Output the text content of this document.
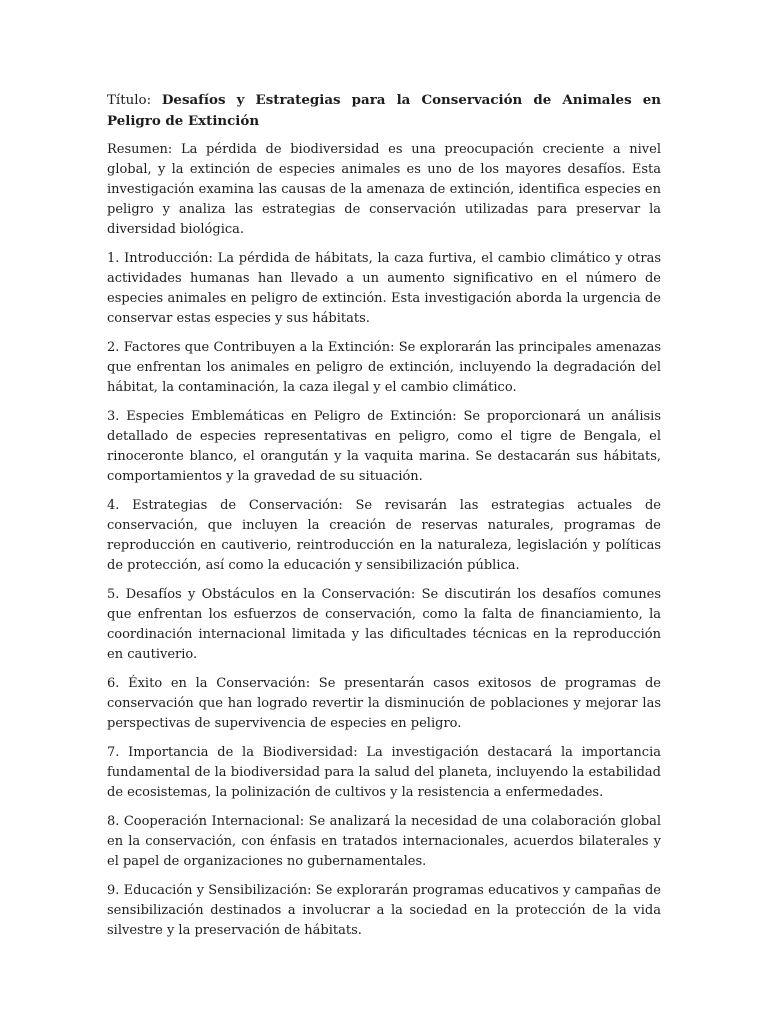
Título: Desafíos y Estrategias para la Conservación de Animales en Peligro de Extinción

Resumen: La pérdida de biodiversidad es una preocupación creciente a nivel global, y la extinción de especies animales es uno de los mayores desafíos. Esta investigación examina las causas de la amenaza de extinción, identifica especies en peligro y analiza las estrategias de conservación utilizadas para preservar la diversidad biológica.

1. Introducción: La pérdida de hábitats, la caza furtiva, el cambio climático y otras actividades humanas han llevado a un aumento significativo en el número de especies animales en peligro de extinción. Esta investigación aborda la urgencia de conservar estas especies y sus hábitats.

2. Factores que Contribuyen a la Extinción: Se explorarán las principales amenazas que enfrentan los animales en peligro de extinción, incluyendo la degradación del hábitat, la contaminación, la caza ilegal y el cambio climático.

3. Especies Emblemáticas en Peligro de Extinción: Se proporcionará un análisis detallado de especies representativas en peligro, como el tigre de Bengala, el rinoceronte blanco, el orangután y la vaquita marina. Se destacarán sus hábitats, comportamientos y la gravedad de su situación.

4. Estrategias de Conservación: Se revisarán las estrategias actuales de conservación, que incluyen la creación de reservas naturales, programas de reproducción en cautiverio, reintroducción en la naturaleza, legislación y políticas de protección, así como la educación y sensibilización pública.

5. Desafíos y Obstáculos en la Conservación: Se discutirán los desafíos comunes que enfrentan los esfuerzos de conservación, como la falta de financiamiento, la coordinación internacional limitada y las dificultades técnicas en la reproducción en cautiverio.

6. Éxito en la Conservación: Se presentarán casos exitosos de programas de conservación que han logrado revertir la disminución de poblaciones y mejorar las perspectivas de supervivencia de especies en peligro.

7. Importancia de la Biodiversidad: La investigación destacará la importancia fundamental de la biodiversidad para la salud del planeta, incluyendo la estabilidad de ecosistemas, la polinización de cultivos y la resistencia a enfermedades.

8. Cooperación Internacional: Se analizará la necesidad de una colaboración global en la conservación, con énfasis en tratados internacionales, acuerdos bilaterales y el papel de organizaciones no gubernamentales.

9. Educación y Sensibilización: Se explorarán programas educativos y campañas de sensibilización destinados a involucrar a la sociedad en la protección de la vida silvestre y la preservación de hábitats.
